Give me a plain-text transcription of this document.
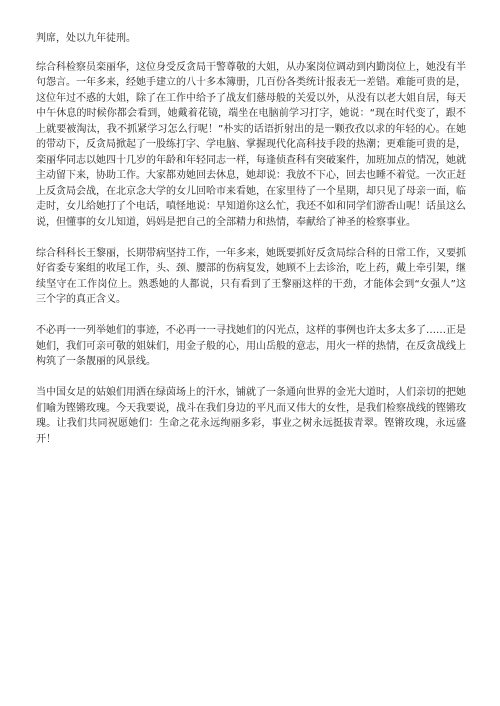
判席，处以九年徒刑。

综合科检察员栾丽华，这位身受反贪局干警尊敬的大姐，从办案岗位调动到内勤岗位上，她没有半句怨言。一年多来，经她手建立的八十多本簿册，几百份各类统计报表无一差错。难能可贵的是，这位年过不惑的大姐，除了在工作中给予了战友们慈母般的关爱以外，从没有以老大姐自居，每天中午休息的时候你都会看到，她戴着花镜，端坐在电脑前学习打字，她说：“现在时代变了，跟不上就要被淘汰，我不抓紧学习怎么行呢！”朴实的话语折射出的是一颗孜孜以求的年轻的心。在她的带动下，反贪局掀起了一股练打字、学电脑、掌握现代化高科技手段的热潮；更难能可贵的是，栾丽华同志以她四十几岁的年龄和年轻同志一样，每逢侦查科有突破案件，加班加点的情况，她就主动留下来，协助工作。大家都劝她回去休息，她却说：我放不下心，回去也睡不着觉。一次正赶上反贪局会战，在北京念大学的女儿回哈市来看她，在家里待了一个星期，却只见了母亲一面，临走时，女儿给她打了个电话，嗔怪地说：早知道你这么忙，我还不如和同学们游香山呢！话虽这么说，但懂事的女儿知道，妈妈是把自己的全部精力和热情，奉献给了神圣的检察事业。

综合科科长王黎丽，长期带病坚持工作，一年多来，她既要抓好反贪局综合科的日常工作，又要抓好省委专案组的收尾工作，头、颈、腰部的伤病复发，她顾不上去诊治，吃上药，戴上牵引架，继续坚守在工作岗位上。熟悉她的人都说，只有看到了王黎丽这样的干劲，才能体会到“女强人”这三个字的真正含义。

不必再一一列举她们的事迹，不必再一一寻找她们的闪光点，这样的事例也许太多太多了……正是她们，我们可亲可敬的姐妹们，用金子般的心，用山岳般的意志，用火一样的热情，在反贪战线上构筑了一条靓丽的风景线。

当中国女足的姑娘们用洒在绿茵场上的汗水，铺就了一条通向世界的金光大道时，人们亲切的把她们喻为铿锵玫瑰。今天我要说，战斗在我们身边的平凡而又伟大的女性，是我们检察战线的铿锵玫瑰。让我们共同祝愿她们：生命之花永远绚丽多彩，事业之树永远挺拔青翠。铿锵玫瑰，永远盛开！
